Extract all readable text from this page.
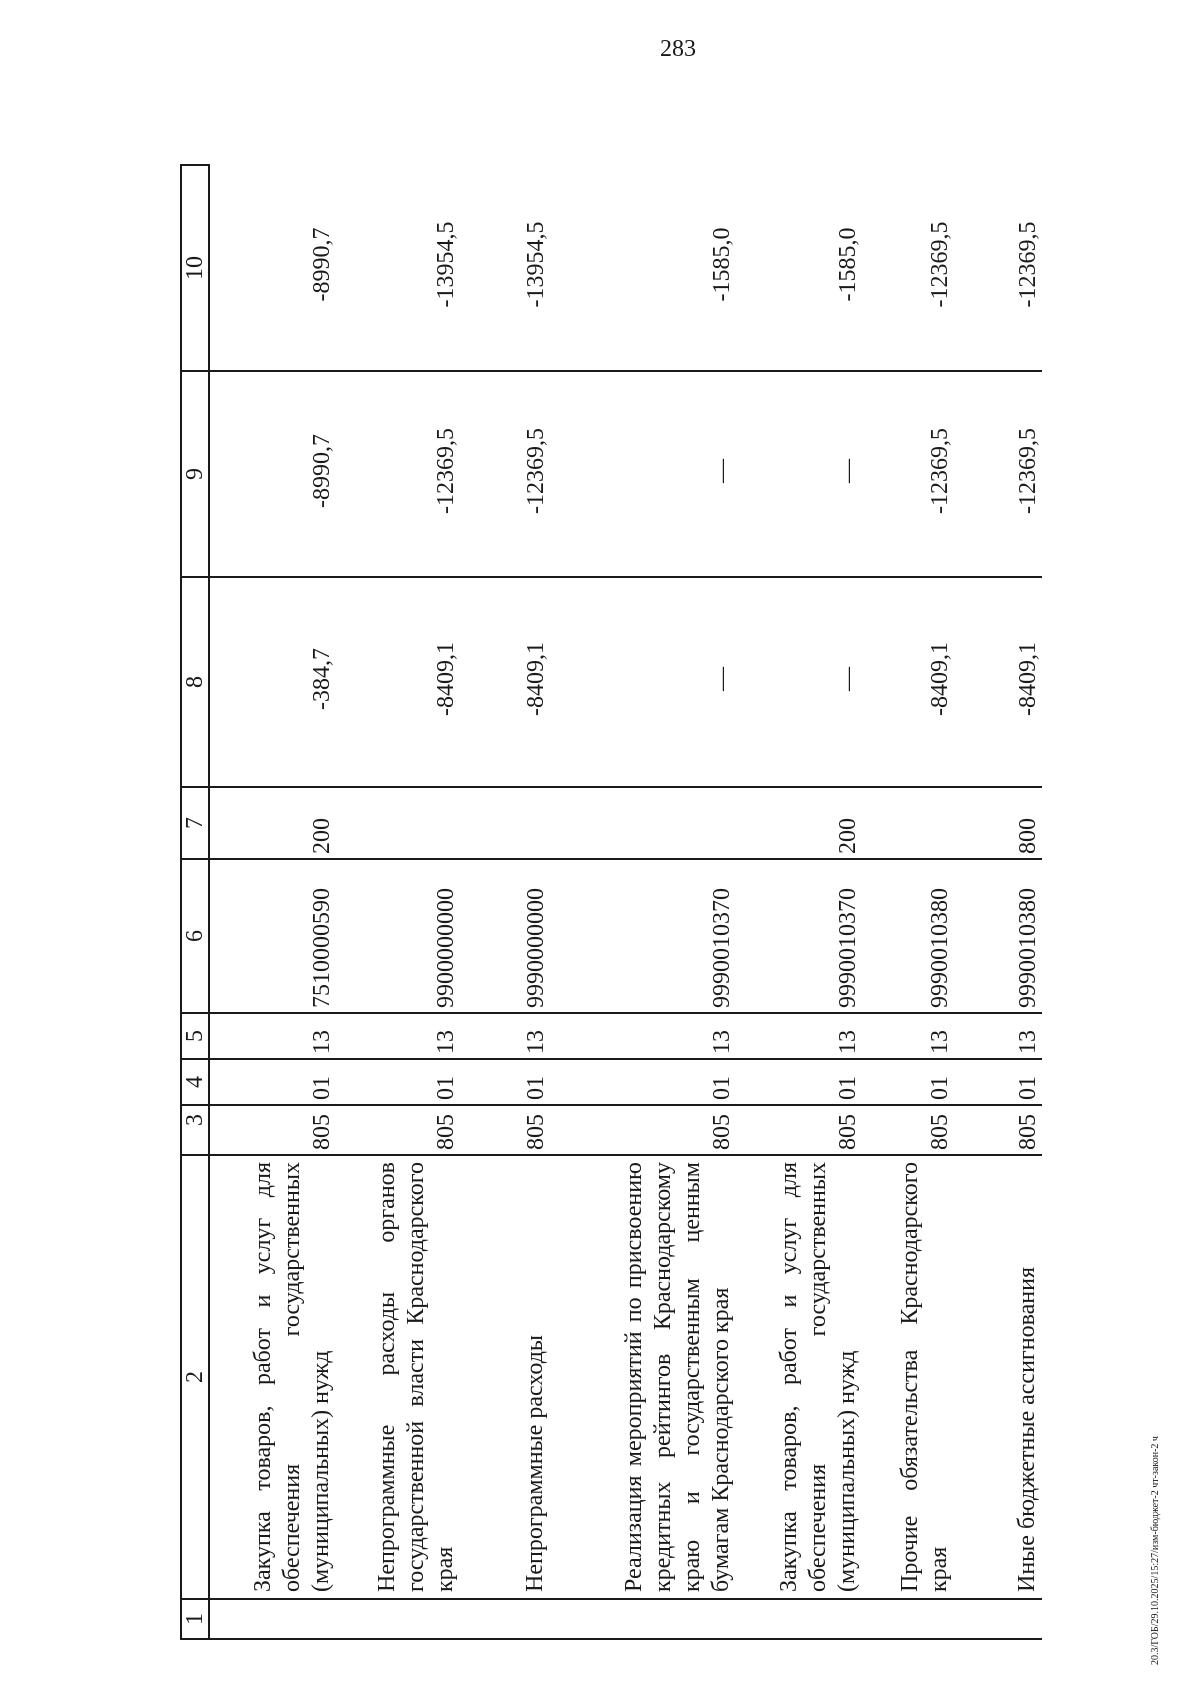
283
1	2	3	4	5	6	7	8	9	10

	Закупка товаров, работ и услуг для обеспечения государственных (муниципальных) нужд	805	01	13	7510000590	200	-384,7	-8990,7	-8990,7

	Непрограммные расходы органов государственной власти Краснодарского края	805	01	13	9900000000		-8409,1	-12369,5	-13954,5

	Непрограммные расходы	805	01	13	9990000000		-8409,1	-12369,5	-13954,5

	Реализация мероприятий по присвоению кредитных рейтингов Краснодарскому краю и государственным ценным бумагам Краснодарского края	805	01	13	9990010370		—	—	-1585,0

	Закупка товаров, работ и услуг для обеспечения государственных (муниципальных) нужд	805	01	13	9990010370	200	—	—	-1585,0

	Прочие обязательства Краснодарского края	805	01	13	9990010380		-8409,1	-12369,5	-12369,5

	Иные бюджетные ассигнования	805	01	13	9990010380	800	-8409,1	-12369,5	-12369,5
20.3/ГОБ/29.10.2025/15:27/изм-бюджет-2 чт-закон-2 ч
